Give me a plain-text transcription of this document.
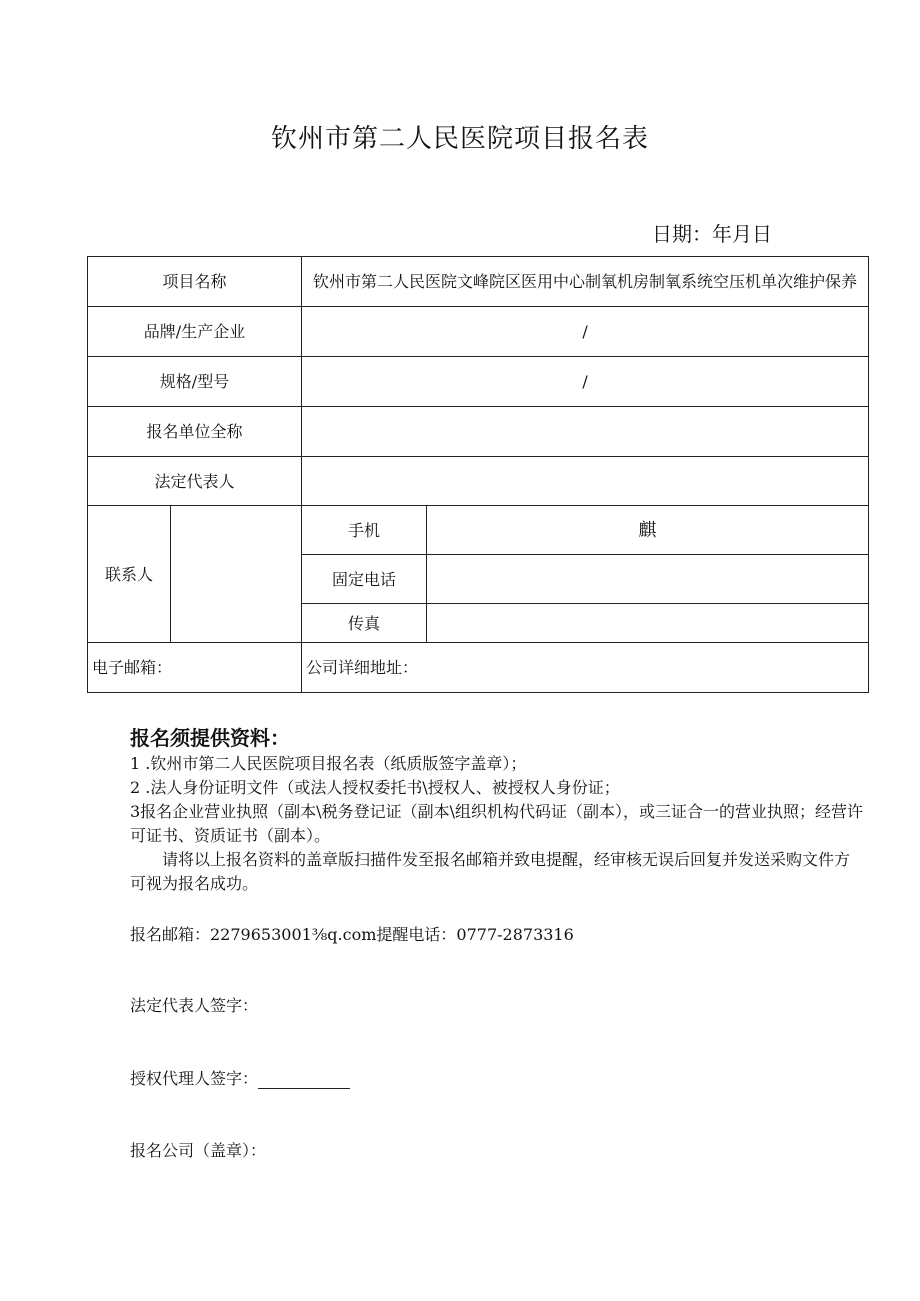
钦州市第二人民医院项目报名表
日期：年月日
项目名称		钦州市第二人民医院文峰院区医用中心制氧机房制氧系统空压机单次维护保养	
品牌/生产企业		/	
规格/型号		/	
报名单位全称			
法定代表人			
联系人		手机	麒
		固定电话	
		传真	
电子邮箱：		公司详细地址：	
报名须提供资料：

1 .钦州市第二人民医院项目报名表（纸质版签字盖章）；

2 .法人身份证明文件（或法人授权委托书\授权人、被授权人身份证；

3报名企业营业执照（副本\税务登记证（副本\组织机构代码证（副本），或三证合一的营业执照；经营许可证书、资质证书（副本）。

请将以上报名资料的盖章版扫描件发至报名邮箱并致电提醒，经审核无误后回复并发送采购文件方可视为报名成功。

报名邮箱：2279653001⅜q.com提醒电话：0777-2873316
法定代表人签字：
授权代理人签字：
报名公司（盖章）：
